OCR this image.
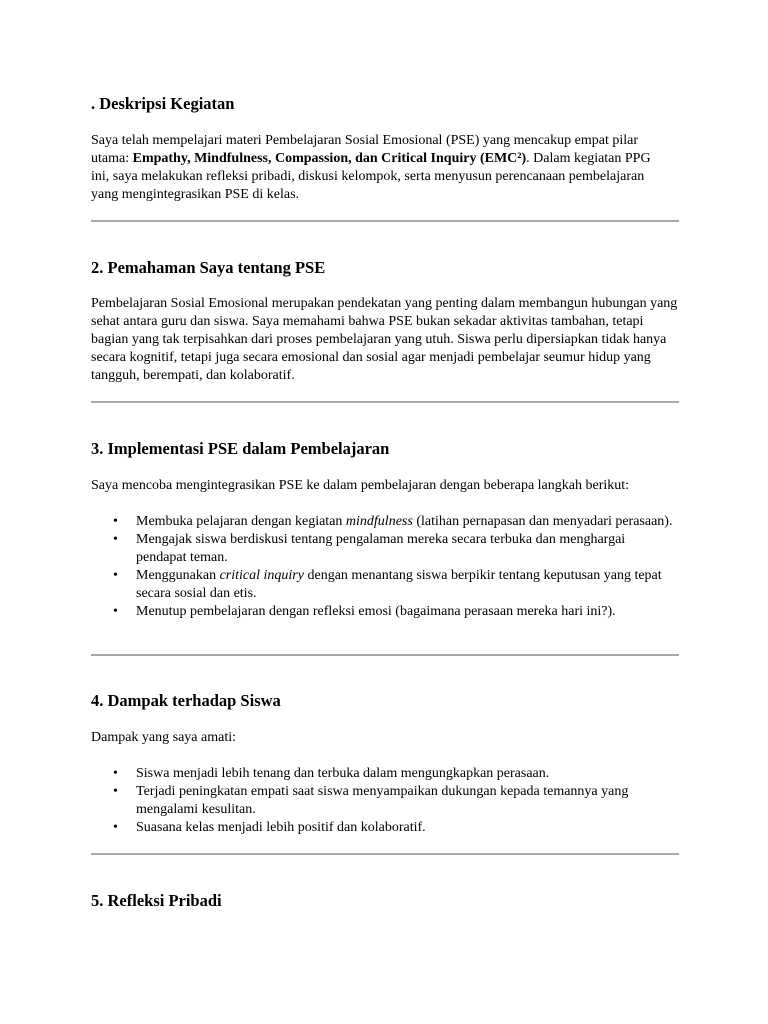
. Deskripsi Kegiatan

Saya telah mempelajari materi Pembelajaran Sosial Emosional (PSE) yang mencakup empat pilar utama: Empathy, Mindfulness, Compassion, dan Critical Inquiry (EMC²). Dalam kegiatan PPG ini, saya melakukan refleksi pribadi, diskusi kelompok, serta menyusun perencanaan pembelajaran yang mengintegrasikan PSE di kelas.

2. Pemahaman Saya tentang PSE

Pembelajaran Sosial Emosional merupakan pendekatan yang penting dalam membangun hubungan yang sehat antara guru dan siswa. Saya memahami bahwa PSE bukan sekadar aktivitas tambahan, tetapi bagian yang tak terpisahkan dari proses pembelajaran yang utuh. Siswa perlu dipersiapkan tidak hanya secara kognitif, tetapi juga secara emosional dan sosial agar menjadi pembelajar seumur hidup yang tangguh, berempati, dan kolaboratif.

3. Implementasi PSE dalam Pembelajaran

Saya mencoba mengintegrasikan PSE ke dalam pembelajaran dengan beberapa langkah berikut:

• Membuka pelajaran dengan kegiatan mindfulness (latihan pernapasan dan menyadari perasaan).
• Mengajak siswa berdiskusi tentang pengalaman mereka secara terbuka dan menghargai pendapat teman.
• Menggunakan critical inquiry dengan menantang siswa berpikir tentang keputusan yang tepat secara sosial dan etis.
• Menutup pembelajaran dengan refleksi emosi (bagaimana perasaan mereka hari ini?).
4. Dampak terhadap Siswa

Dampak yang saya amati:

• Siswa menjadi lebih tenang dan terbuka dalam mengungkapkan perasaan.
• Terjadi peningkatan empati saat siswa menyampaikan dukungan kepada temannya yang mengalami kesulitan.
• Suasana kelas menjadi lebih positif dan kolaboratif.
5. Refleksi Pribadi
